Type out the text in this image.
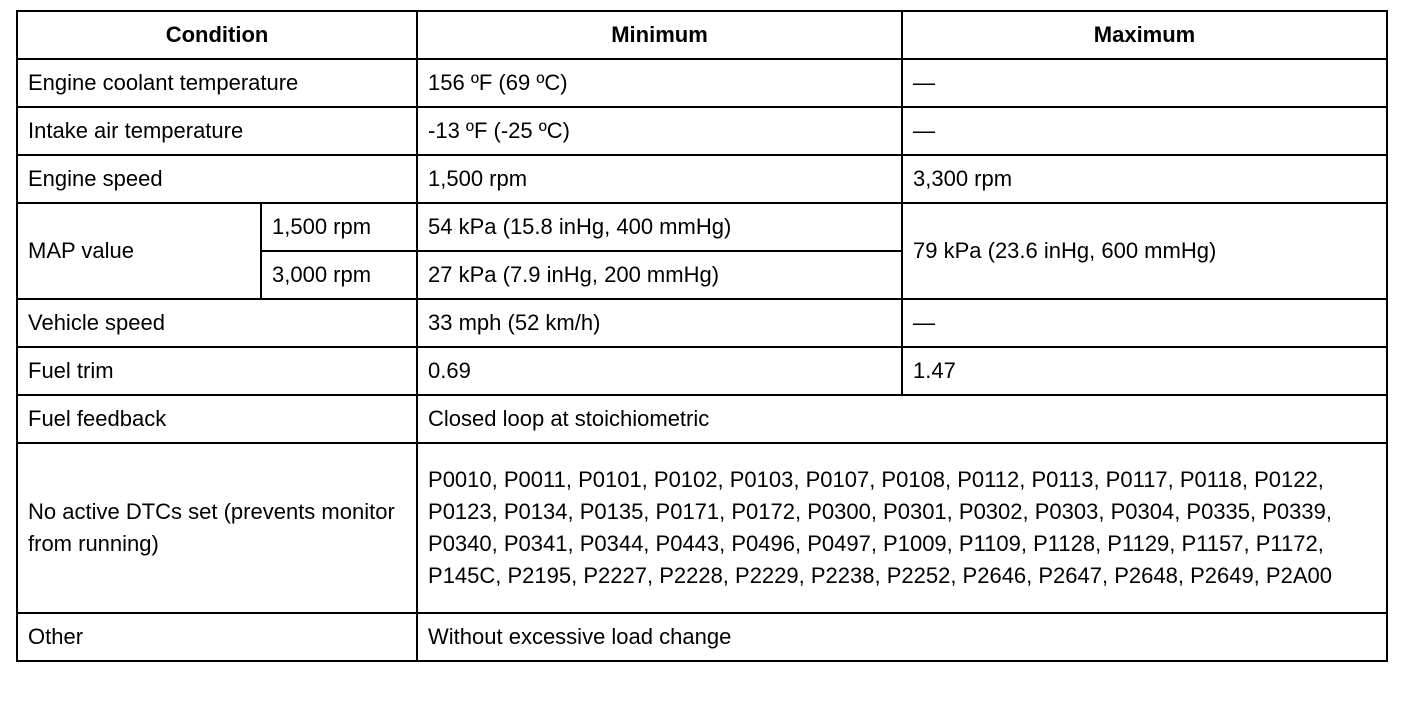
Condition		Minimum	Maximum
Engine coolant temperature		156 ºF (69 ºC)	—
Intake air temperature		-13 ºF (-25 ºC)	—
Engine speed		1,500 rpm	3,300 rpm
MAP value	1,500 rpm	54 kPa (15.8 inHg, 400 mmHg)	79 kPa (23.6 inHg, 600 mmHg)
	3,000 rpm	27 kPa (7.9 inHg, 200 mmHg)	
Vehicle speed		33 mph (52 km/h)	—
Fuel trim		0.69	1.47
Fuel feedback		Closed loop at stoichiometric	
No active DTCs set (prevents monitor from running)		P0010, P0011, P0101, P0102, P0103, P0107, P0108, P0112, P0113, P0117, P0118, P0122, P0123, P0134, P0135, P0171, P0172, P0300, P0301, P0302, P0303, P0304, P0335, P0339, P0340, P0341, P0344, P0443, P0496, P0497, P1009, P1109, P1128, P1129, P1157, P1172, P145C, P2195, P2227, P2228, P2229, P2238, P2252, P2646, P2647, P2648, P2649, P2A00	

Other		Without excessive load change	
